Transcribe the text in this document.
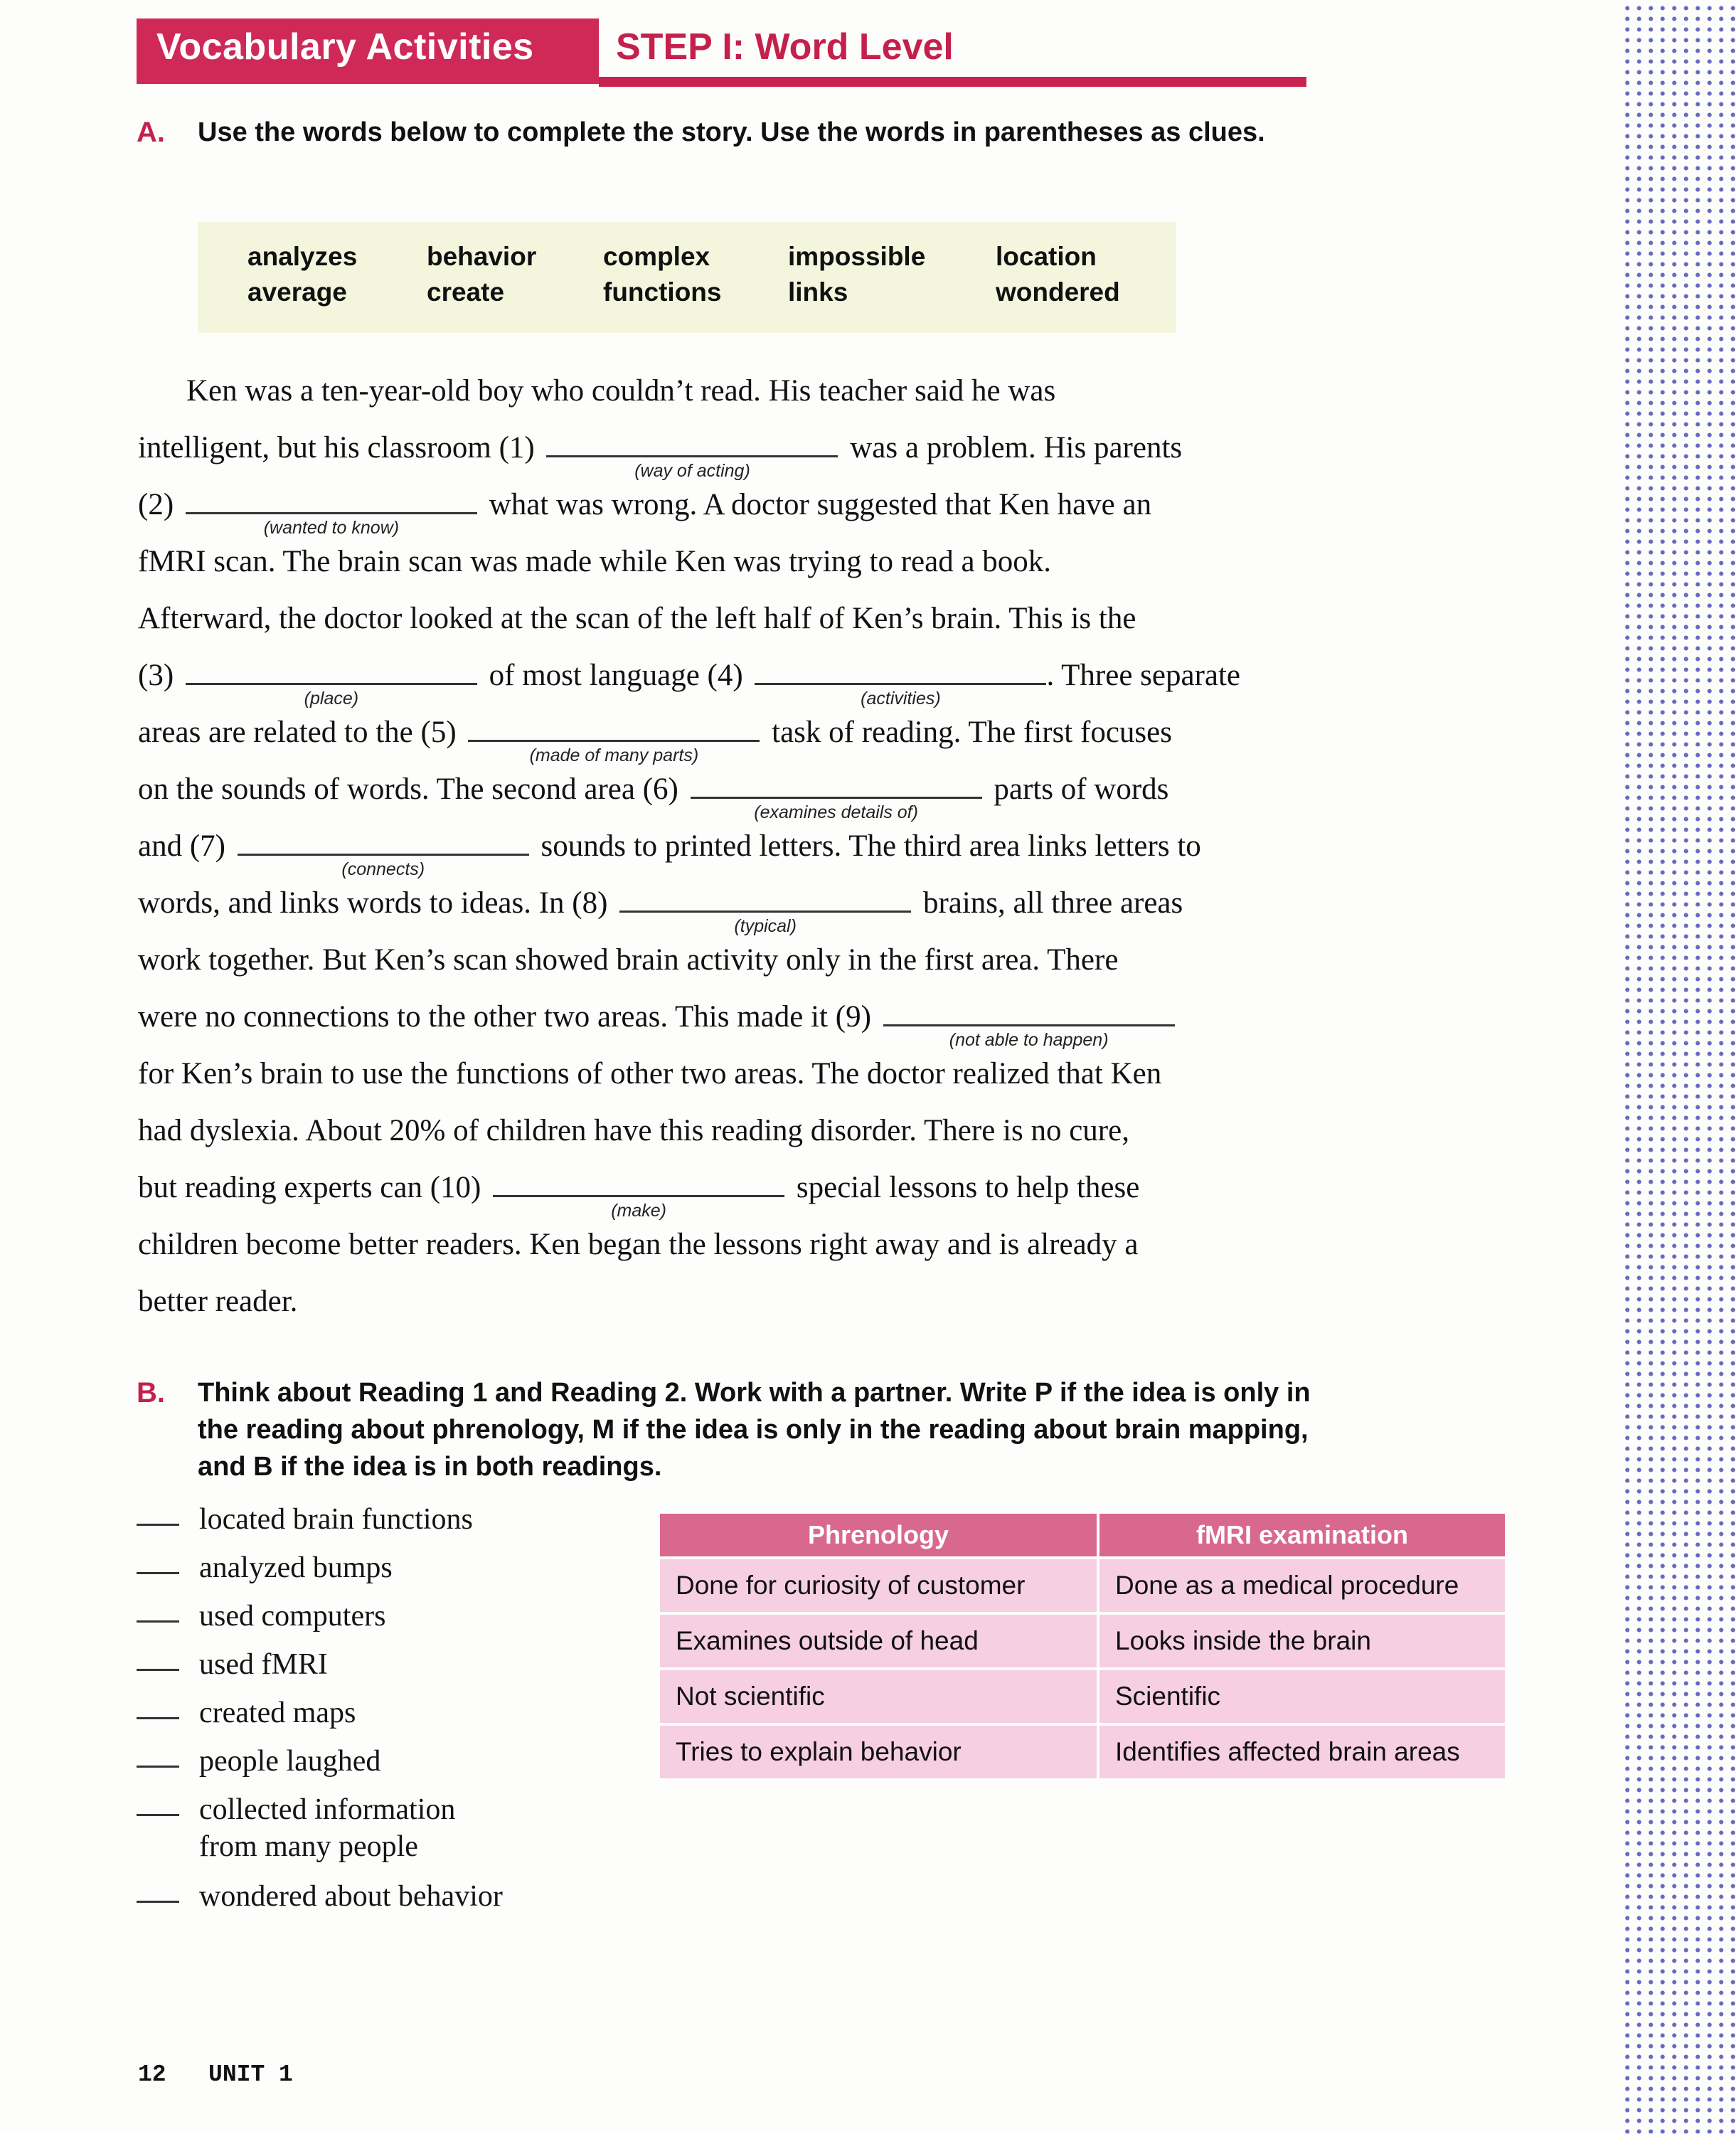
Vocabulary Activities STEP I: Word Level
A. Use the words below to complete the story. Use the words in parentheses as clues.
analyzes	behavior	complex	impossible	location
average	create	functions	links	wondered
Ken was a ten-year-old boy who couldn’t read. His teacher said he was
intelligent, but his classroom (1)
(way of acting)
was a problem. His parents
(2)
(wanted to know)
what was wrong. A doctor suggested that Ken have an
fMRI scan. The brain scan was made while Ken was trying to read a book.
Afterward, the doctor looked at the scan of the left half of Ken’s brain. This is the
(3)
(place)
of most language (4)
(activities)
. Three separate
areas are related to the (5)
(made of many parts)
task of reading. The first focuses
on the sounds of words. The second area (6)
(examines details of)
parts of words
and (7)
(connects)
sounds to printed letters. The third area links letters to
words, and links words to ideas. In (8)
(typical)
brains, all three areas
work together. But Ken’s scan showed brain activity only in the first area. There
were no connections to the other two areas. This made it (9)
(not able to happen)
for Ken’s brain to use the functions of other two areas. The doctor realized that Ken
had dyslexia. About 20% of children have this reading disorder. There is no cure,
but reading experts can (10)
(make)
special lessons to help these
children become better readers. Ken began the lessons right away and is already a
better reader.
B. Think about Reading 1 and Reading 2. Work with a partner. Write P if the idea is only in the reading about phrenology, M if the idea is only in the reading about brain mapping, and B if the idea is in both readings.
located brain functions
analyzed bumps
used computers
used fMRI
created maps
people laughed
collected information
from many people
wondered about behavior
Phrenology	fMRI examination
Done for curiosity of customer	Done as a medical procedure
Examines outside of head	Looks inside the brain
Not scientific	Scientific
Tries to explain behavior	Identifies affected brain areas
12 UNIT 1
